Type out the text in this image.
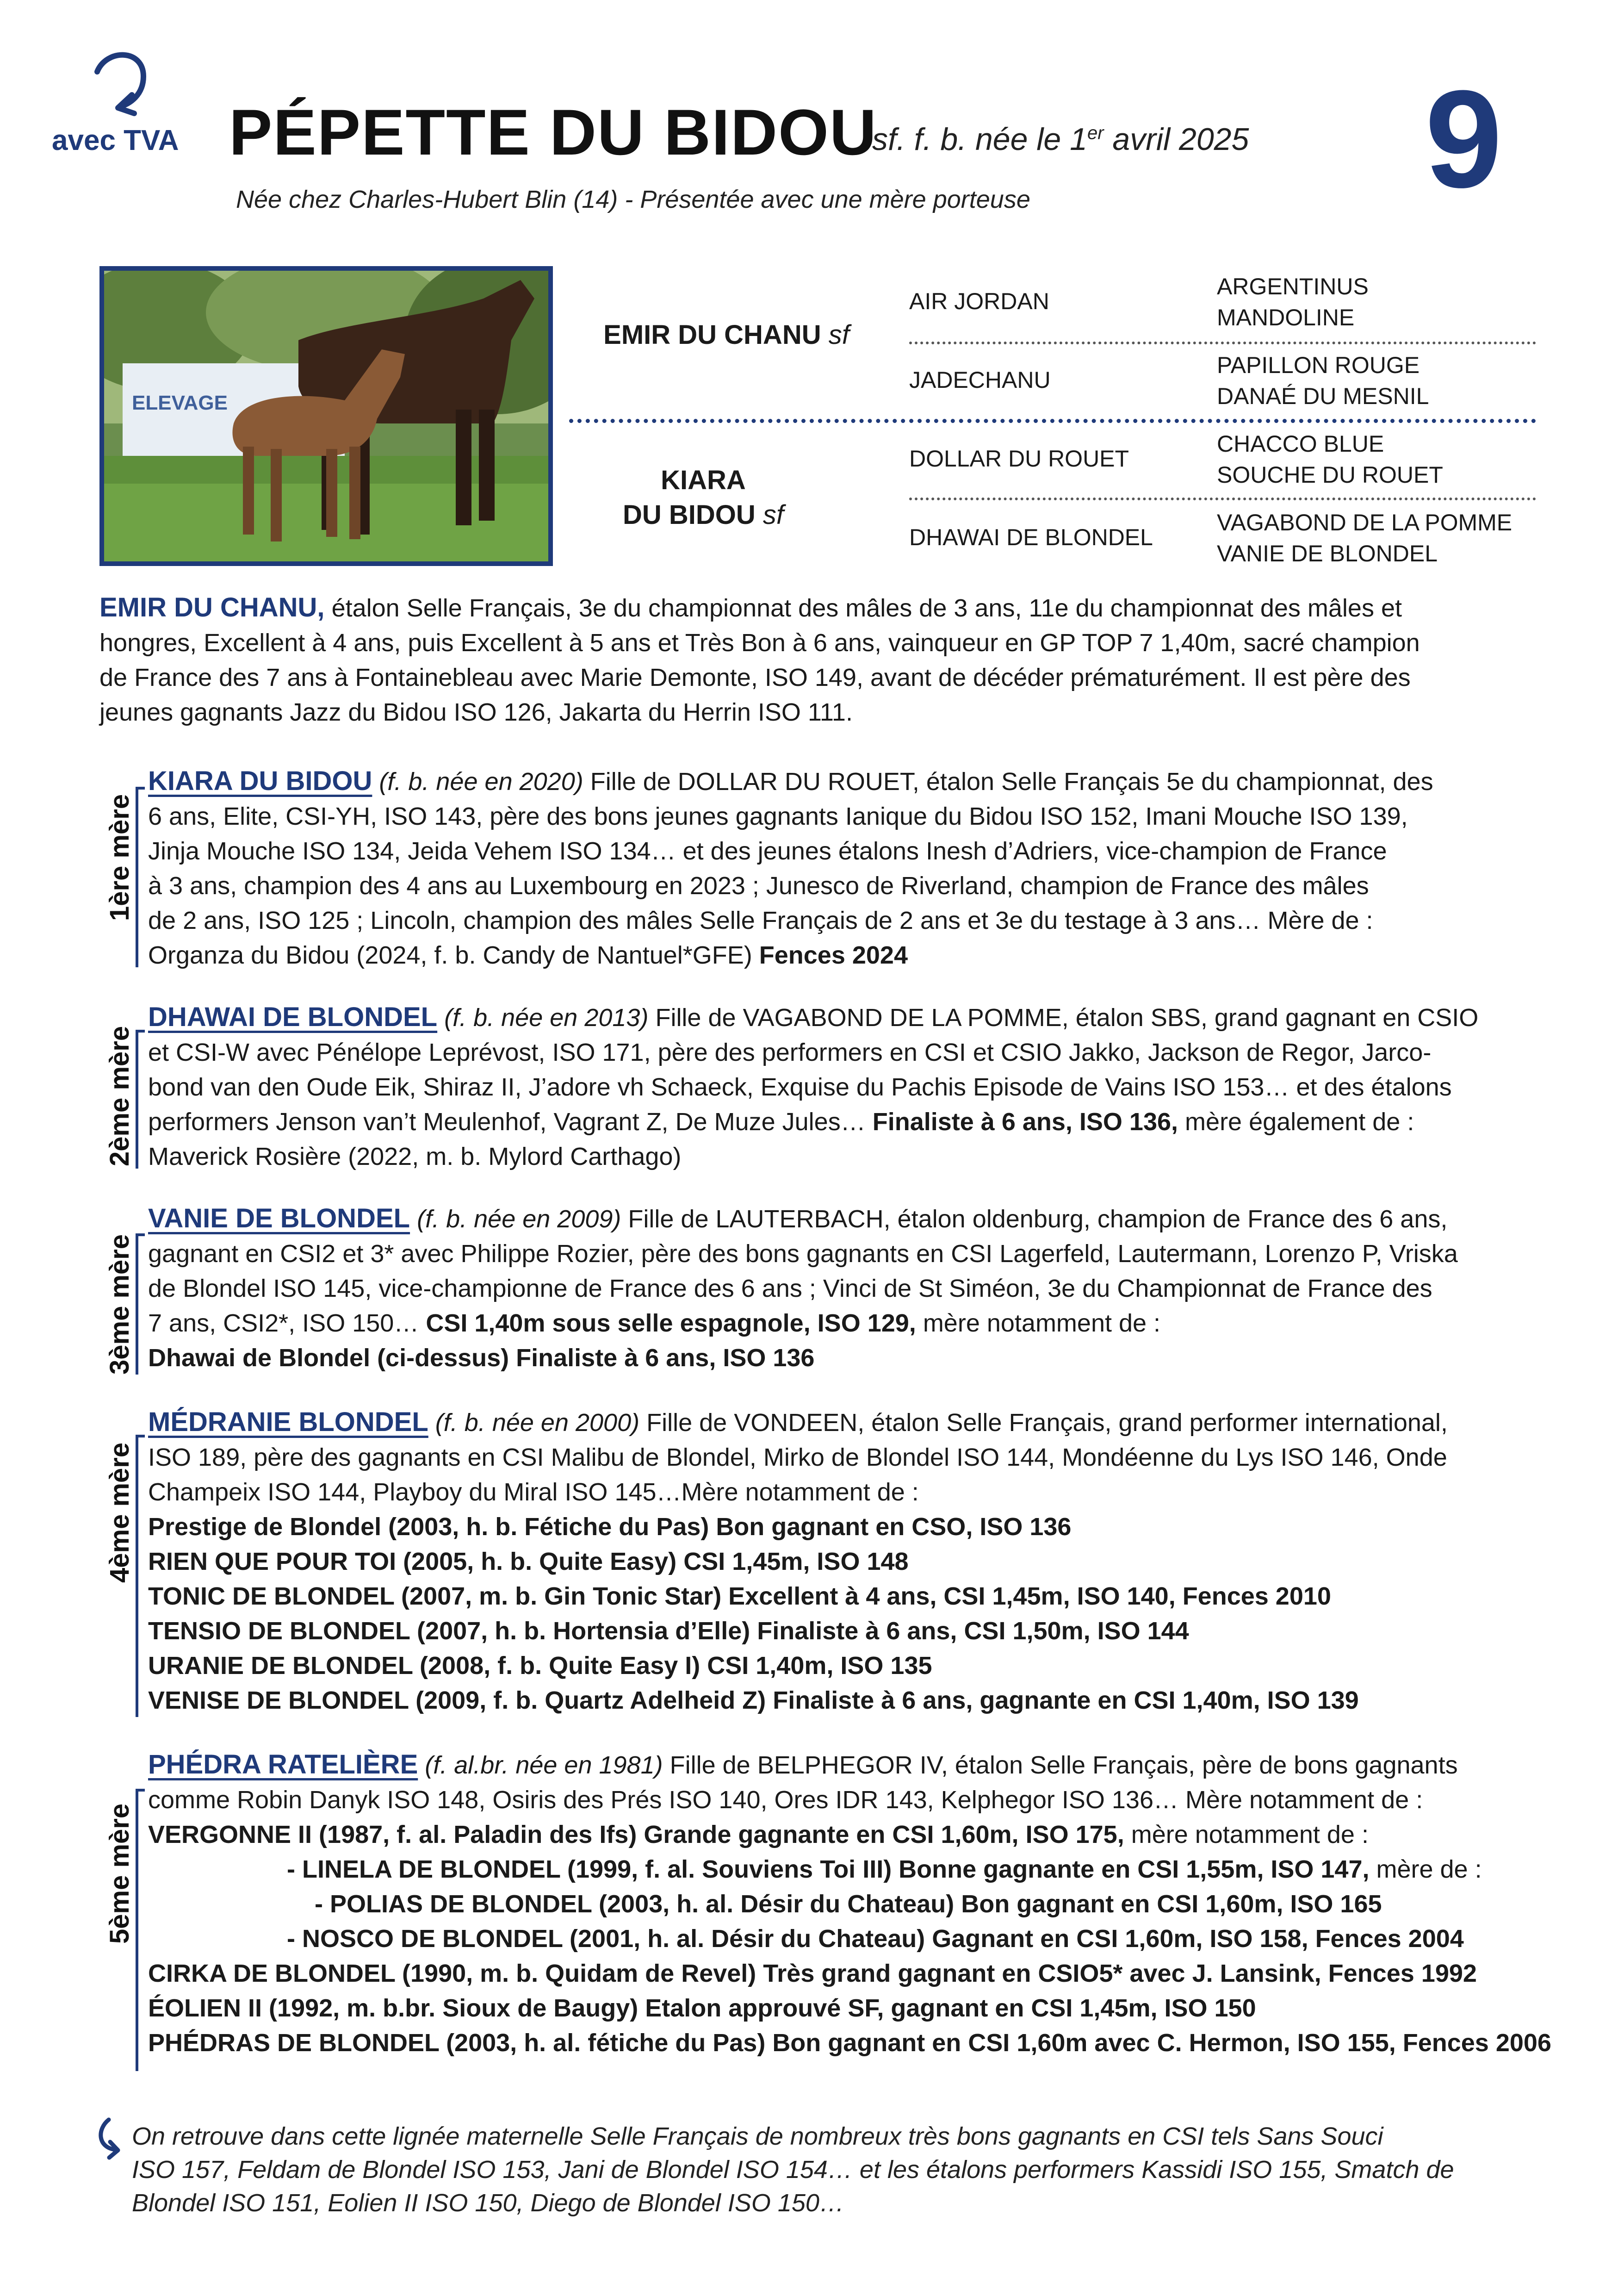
avec TVA PÉPETTE DU BIDOU
sf. f. b. née le 1er avril 2025 9
Née chez Charles-Hubert Blin (14) - Présentée avec une mère porteuse
ELEVAGE
EMIR DU CHANU sf
KIARA
DU BIDOU sf
AIR JORDAN
JADECHANU
DOLLAR DU ROUET
DHAWAI DE BLONDEL
ARGENTINUS
MANDOLINE
PAPILLON ROUGE
DANAÉ DU MESNIL
CHACCO BLUE
SOUCHE DU ROUET
VAGABOND DE LA POMME
VANIE DE BLONDEL
EMIR DU CHANU, étalon Selle Français, 3e du championnat des mâles de 3 ans, 11e du championnat des mâles et
hongres, Excellent à 4 ans, puis Excellent à 5 ans et Très Bon à 6 ans, vainqueur en GP TOP 7 1,40m, sacré champion
de France des 7 ans à Fontainebleau avec Marie Demonte, ISO 149, avant de décéder prématurément. Il est père des
jeunes gagnants Jazz du Bidou ISO 126, Jakarta du Herrin ISO 111.
1ère mère
KIARA DU BIDOU (f. b. née en 2020) Fille de DOLLAR DU ROUET, étalon Selle Français 5e du championnat, des
6 ans, Elite, CSI-YH, ISO 143, père des bons jeunes gagnants Ianique du Bidou ISO 152, Imani Mouche ISO 139,
Jinja Mouche ISO 134, Jeida Vehem ISO 134… et des jeunes étalons Inesh d’Adriers, vice-champion de France
à 3 ans, champion des 4 ans au Luxembourg en 2023 ; Junesco de Riverland, champion de France des mâles
de 2 ans, ISO 125 ; Lincoln, champion des mâles Selle Français de 2 ans et 3e du testage à 3 ans… Mère de :
Organza du Bidou (2024, f. b. Candy de Nantuel*GFE) Fences 2024
2ème mère
DHAWAI DE BLONDEL (f. b. née en 2013) Fille de VAGABOND DE LA POMME, étalon SBS, grand gagnant en CSIO
et CSI-W avec Pénélope Leprévost, ISO 171, père des performers en CSI et CSIO Jakko, Jackson de Regor, Jarco-
bond van den Oude Eik, Shiraz II, J’adore vh Schaeck, Exquise du Pachis Episode de Vains ISO 153… et des étalons
performers Jenson van’t Meulenhof, Vagrant Z, De Muze Jules… Finaliste à 6 ans, ISO 136, mère également de :
Maverick Rosière (2022, m. b. Mylord Carthago)
3ème mère
VANIE DE BLONDEL (f. b. née en 2009) Fille de LAUTERBACH, étalon oldenburg, champion de France des 6 ans,
gagnant en CSI2 et 3* avec Philippe Rozier, père des bons gagnants en CSI Lagerfeld, Lautermann, Lorenzo P, Vriska
de Blondel ISO 145, vice-championne de France des 6 ans ; Vinci de St Siméon, 3e du Championnat de France des
7 ans, CSI2*, ISO 150… CSI 1,40m sous selle espagnole, ISO 129, mère notamment de :
Dhawai de Blondel (ci-dessus) Finaliste à 6 ans, ISO 136
4ème mère
MÉDRANIE BLONDEL (f. b. née en 2000) Fille de VONDEEN, étalon Selle Français, grand performer international,
ISO 189, père des gagnants en CSI Malibu de Blondel, Mirko de Blondel ISO 144, Mondéenne du Lys ISO 146, Onde
Champeix ISO 144, Playboy du Miral ISO 145…Mère notamment de :
Prestige de Blondel (2003, h. b. Fétiche du Pas) Bon gagnant en CSO, ISO 136
RIEN QUE POUR TOI (2005, h. b. Quite Easy) CSI 1,45m, ISO 148
TONIC DE BLONDEL (2007, m. b. Gin Tonic Star) Excellent à 4 ans, CSI 1,45m, ISO 140, Fences 2010
TENSIO DE BLONDEL (2007, h. b. Hortensia d’Elle) Finaliste à 6 ans, CSI 1,50m, ISO 144
URANIE DE BLONDEL (2008, f. b. Quite Easy I) CSI 1,40m, ISO 135
VENISE DE BLONDEL (2009, f. b. Quartz Adelheid Z) Finaliste à 6 ans, gagnante en CSI 1,40m, ISO 139
5ème mère
PHÉDRA RATELIÈRE (f. al.br. née en 1981) Fille de BELPHEGOR IV, étalon Selle Français, père de bons gagnants
comme Robin Danyk ISO 148, Osiris des Prés ISO 140, Ores IDR 143, Kelphegor ISO 136… Mère notamment de :
VERGONNE II (1987, f. al. Paladin des Ifs) Grande gagnante en CSI 1,60m, ISO 175, mère notamment de :
- LINELA DE BLONDEL (1999, f. al. Souviens Toi III) Bonne gagnante en CSI 1,55m, ISO 147, mère de :
- POLIAS DE BLONDEL (2003, h. al. Désir du Chateau) Bon gagnant en CSI 1,60m, ISO 165
- NOSCO DE BLONDEL (2001, h. al. Désir du Chateau) Gagnant en CSI 1,60m, ISO 158, Fences 2004
CIRKA DE BLONDEL (1990, m. b. Quidam de Revel) Très grand gagnant en CSIO5* avec J. Lansink, Fences 1992
ÉOLIEN II (1992, m. b.br. Sioux de Baugy) Etalon approuvé SF, gagnant en CSI 1,45m, ISO 150
PHÉDRAS DE BLONDEL (2003, h. al. fétiche du Pas) Bon gagnant en CSI 1,60m avec C. Hermon, ISO 155, Fences 2006
On retrouve dans cette lignée maternelle Selle Français de nombreux très bons gagnants en CSI tels Sans Souci
ISO 157, Feldam de Blondel ISO 153, Jani de Blondel ISO 154… et les étalons performers Kassidi ISO 155, Smatch de
Blondel ISO 151, Eolien II ISO 150, Diego de Blondel ISO 150…
